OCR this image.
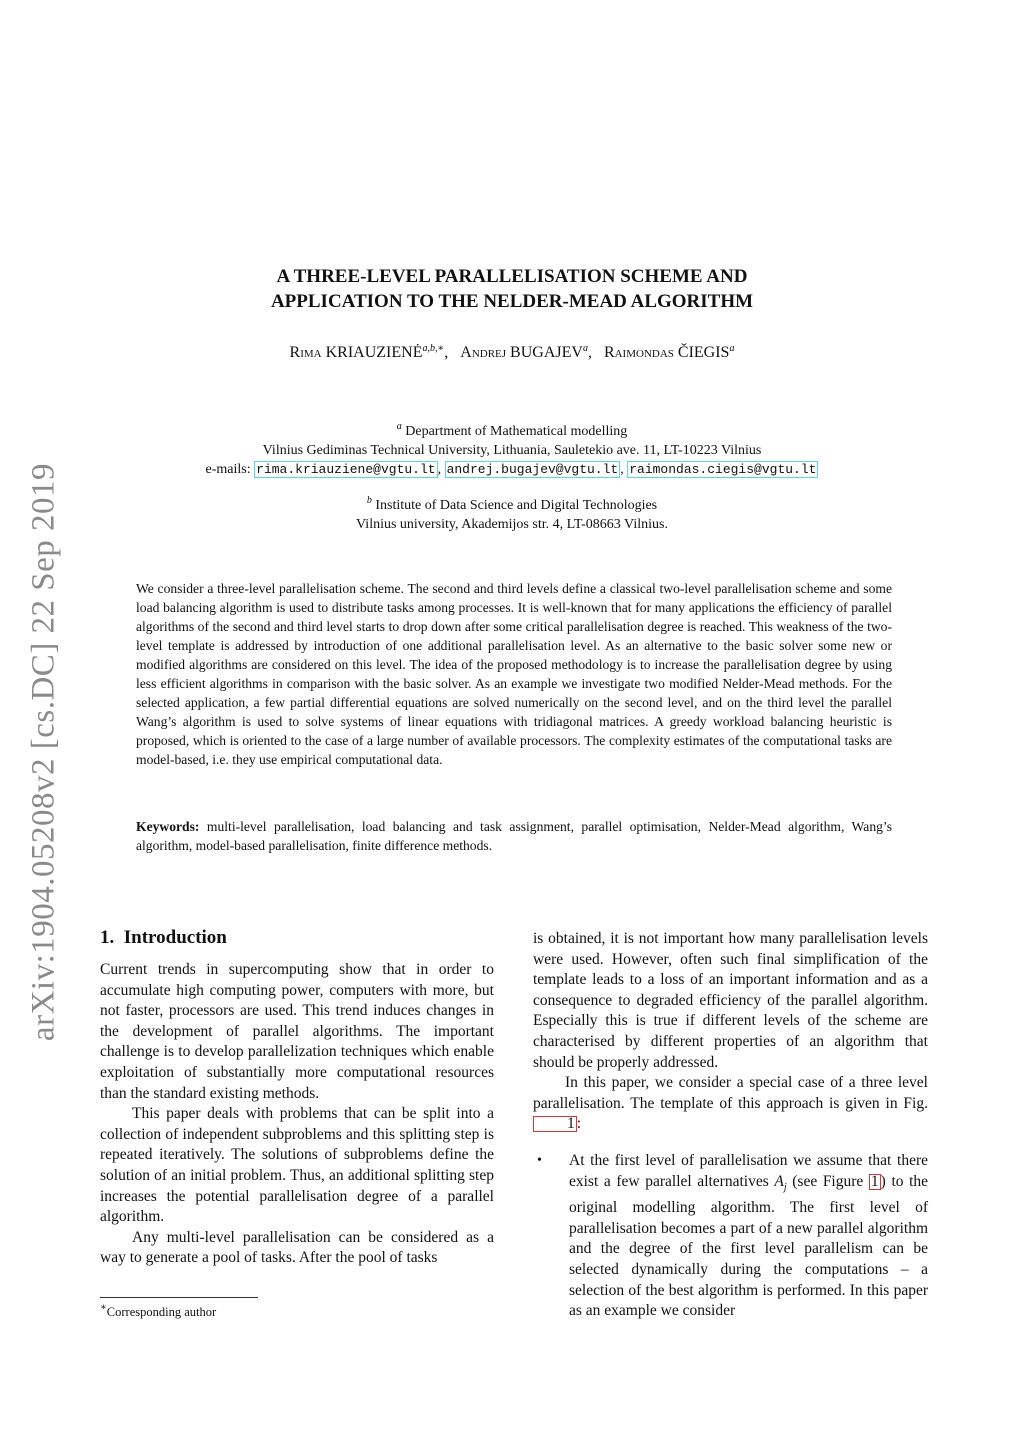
arXiv:1904.05208v2 [cs.DC] 22 Sep 2019
A THREE-LEVEL PARALLELISATION SCHEME AND
APPLICATION TO THE NELDER-MEAD ALGORITHM
Rima $KRIAUZIENĖ^{a,b,∗}$, Andrej BUGAJEV$^a$, Raimondas ČIEGIS$^a$
$^a$ Department of Mathematical modelling
Vilnius Gediminas Technical University, Lithuania, Sauletekio ave. 11, LT-10223 Vilnius
e-mails: rima.kriauziene@vgtu.lt , andrej.bugajev@vgtu.lt , raimondas.ciegis@vgtu.lt
$^b$ Institute of Data Science and Digital Technologies
Vilnius university, Akademijos str. 4, LT-08663 Vilnius.
We consider a three-level parallelisation scheme. The second and third levels define a classical two-level parallelisation scheme and some load balancing algorithm is used to distribute tasks among processes. It is well-known that for many applications the efficiency of parallel algorithms of the second and third level starts to drop down after some critical parallelisation degree is reached. This weakness of the two-level template is addressed by introduction of one additional parallelisation level. As an alternative to the basic solver some new or modified algorithms are considered on this level. The idea of the proposed methodology is to increase the parallelisation degree by using less efficient algorithms in comparison with the basic solver. As an example we investigate two modified Nelder-Mead methods. For the selected application, a few partial differential equations are solved numerically on the second level, and on the third level the parallel Wang’s algorithm is used to solve systems of linear equations with tridiagonal matrices. A greedy workload balancing heuristic is proposed, which is oriented to the case of a large number of available processors. The complexity estimates of the computational tasks are model-based, i.e. they use empirical computational data.
Keywords: multi-level parallelisation, load balancing and task assignment, parallel optimisation, Nelder-Mead algorithm, Wang’s algorithm, model-based parallelisation, finite difference methods.
1. Introduction

Current trends in supercomputing show that in order to accumulate high computing power, computers with more, but not faster, processors are used. This trend induces changes in the development of parallel algorithms. The important challenge is to develop parallelization techniques which enable exploitation of substantially more computational resources than the standard existing methods.

This paper deals with problems that can be split into a collection of independent subproblems and this splitting step is repeated iteratively. The solutions of subproblems define the solution of an initial problem. Thus, an additional splitting step increases the potential parallelisation degree of a parallel algorithm.

Any multi-level parallelisation can be considered as a way to generate a pool of tasks. After the pool of tasks

is obtained, it is not important how many parallelisation levels were used. However, often such final simplification of the template leads to a loss of an important information and as a consequence to degraded efficiency of the parallel algorithm. Especially this is true if different levels of the scheme are characterised by different properties of an algorithm that should be properly addressed.

In this paper, we consider a special case of a three level parallelisation. The template of this approach is given in Fig. 1 :

• At the first level of parallelisation we assume that there exist a few parallel alternatives $A_j$ (see Figure 1 ) to the original modelling algorithm. The first level of parallelisation becomes a part of a new parallel algorithm and the degree of the first level parallelism can be selected dynamically during the computations – a selection of the best algorithm is performed. In this paper as an example we consider

∗Corresponding author
